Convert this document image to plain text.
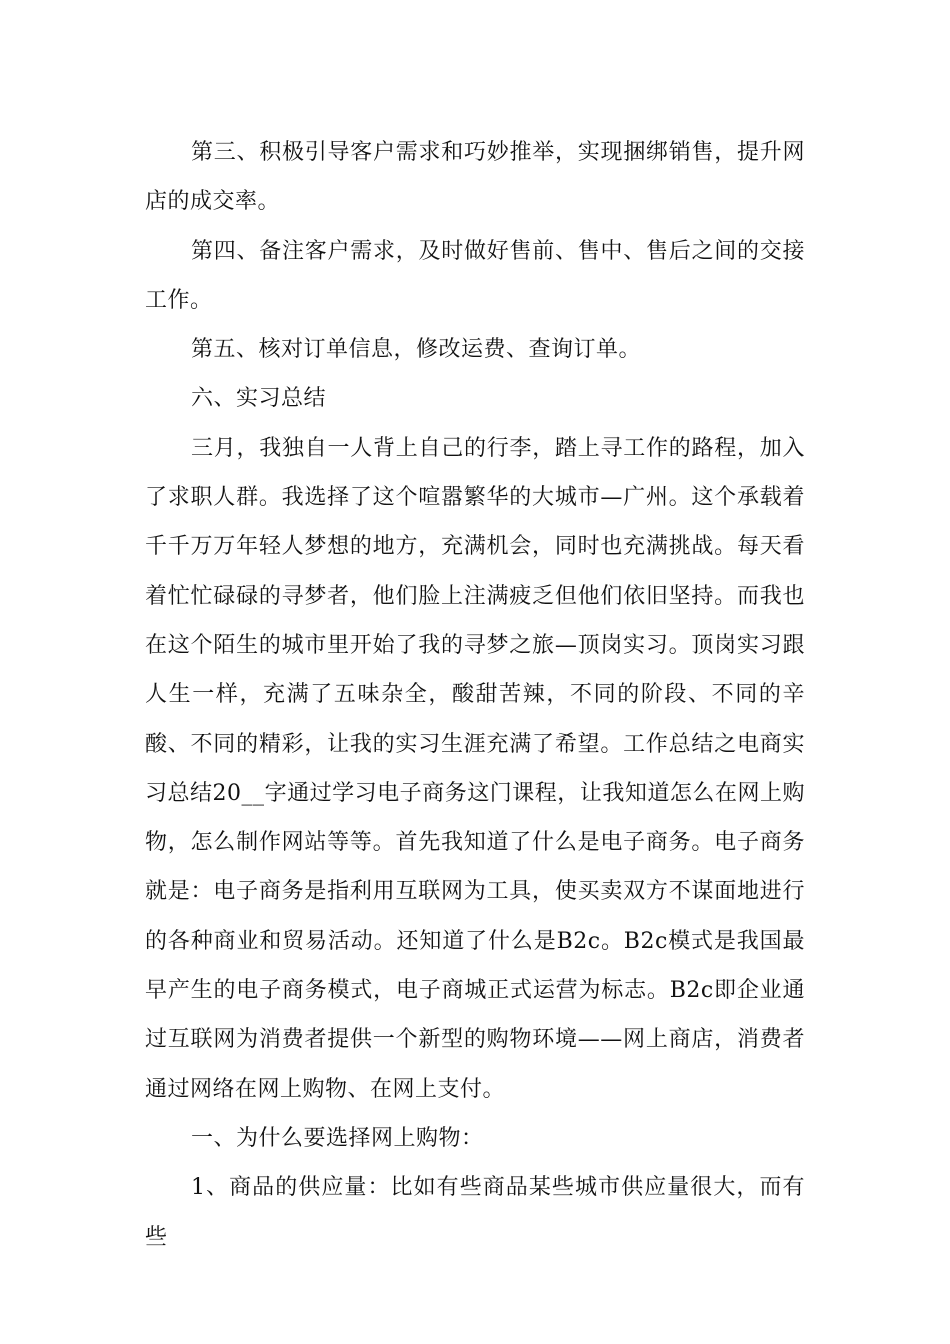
第三、积极引导客户需求和巧妙推举，实现捆绑销售，提升网店的成交率。

第四、备注客户需求，及时做好售前、售中、售后之间的交接工作。

第五、核对订单信息，修改运费、查询订单。

六、实习总结

三月，我独自一人背上自己的行李，踏上寻工作的路程，加入了求职人群。我选择了这个喧嚣繁华的大城市—广州。这个承载着千千万万年轻人梦想的地方，充满机会，同时也充满挑战。每天看着忙忙碌碌的寻梦者，他们脸上注满疲乏但他们依旧坚持。而我也在这个陌生的城市里开始了我的寻梦之旅—顶岗实习。顶岗实习跟人生一样，充满了五味杂全，酸甜苦辣，不同的阶段、不同的辛酸、不同的精彩，让我的实习生涯充满了希望。工作总结之电商实习总结20__字通过学习电子商务这门课程，让我知道怎么在网上购物，怎么制作网站等等。首先我知道了什么是电子商务。电子商务就是：电子商务是指利用互联网为工具，使买卖双方不谋面地进行的各种商业和贸易活动。还知道了什么是B2c。B2c模式是我国最早产生的电子商务模式，电子商城正式运营为标志。B2c即企业通过互联网为消费者提供一个新型的购物环境——网上商店，消费者通过网络在网上购物、在网上支付。

一、为什么要选择网上购物：

1、商品的供应量：比如有些商品某些城市供应量很大，而有些
